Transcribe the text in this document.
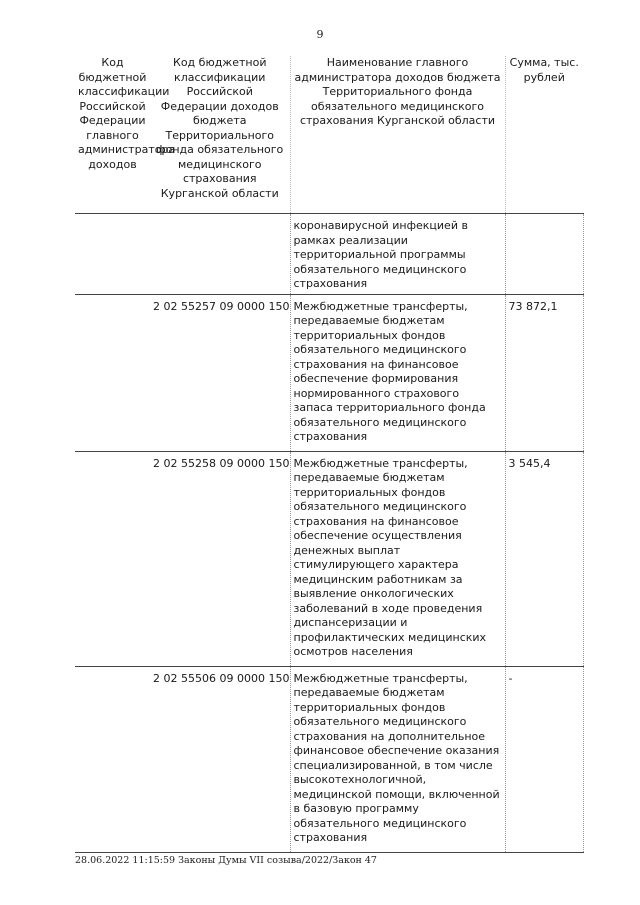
9
Код бюджетной классификации Российской Федерации главного администратора доходов	Код бюджетной классификации Российской Федерации доходов бюджета Территориального фонда обязательного медицинского страхования Курганской области	Наименование главного администратора доходов бюджета Территориального фонда обязательного медицинского страхования Курганской области	Сумма, тыс. рублей
		коронавирусной инфекцией в рамках реализации территориальной программы обязательного медицинского страхования	
	2 02 55257 09 0000 150	Межбюджетные трансферты, передаваемые бюджетам территориальных фондов обязательного медицинского страхования на финансовое обеспечение формирования нормированного страхового запаса территориального фонда обязательного медицинского страхования	73 872,1
	2 02 55258 09 0000 150	Межбюджетные трансферты, передаваемые бюджетам территориальных фондов обязательного медицинского страхования на финансовое обеспечение осуществления денежных выплат стимулирующего характера медицинским работникам за выявление онкологических заболеваний в ходе проведения диспансеризации и профилактических медицинских осмотров населения	3 545,4
	2 02 55506 09 0000 150	Межбюджетные трансферты, передаваемые бюджетам территориальных фондов обязательного медицинского страхования на дополнительное финансовое обеспечение оказания специализированной, в том числе высокотехнологичной, медицинской помощи, включенной в базовую программу обязательного медицинского страхования	-
28.06.2022 11:15:59 Законы Думы VII созыва/2022/Закон 47
